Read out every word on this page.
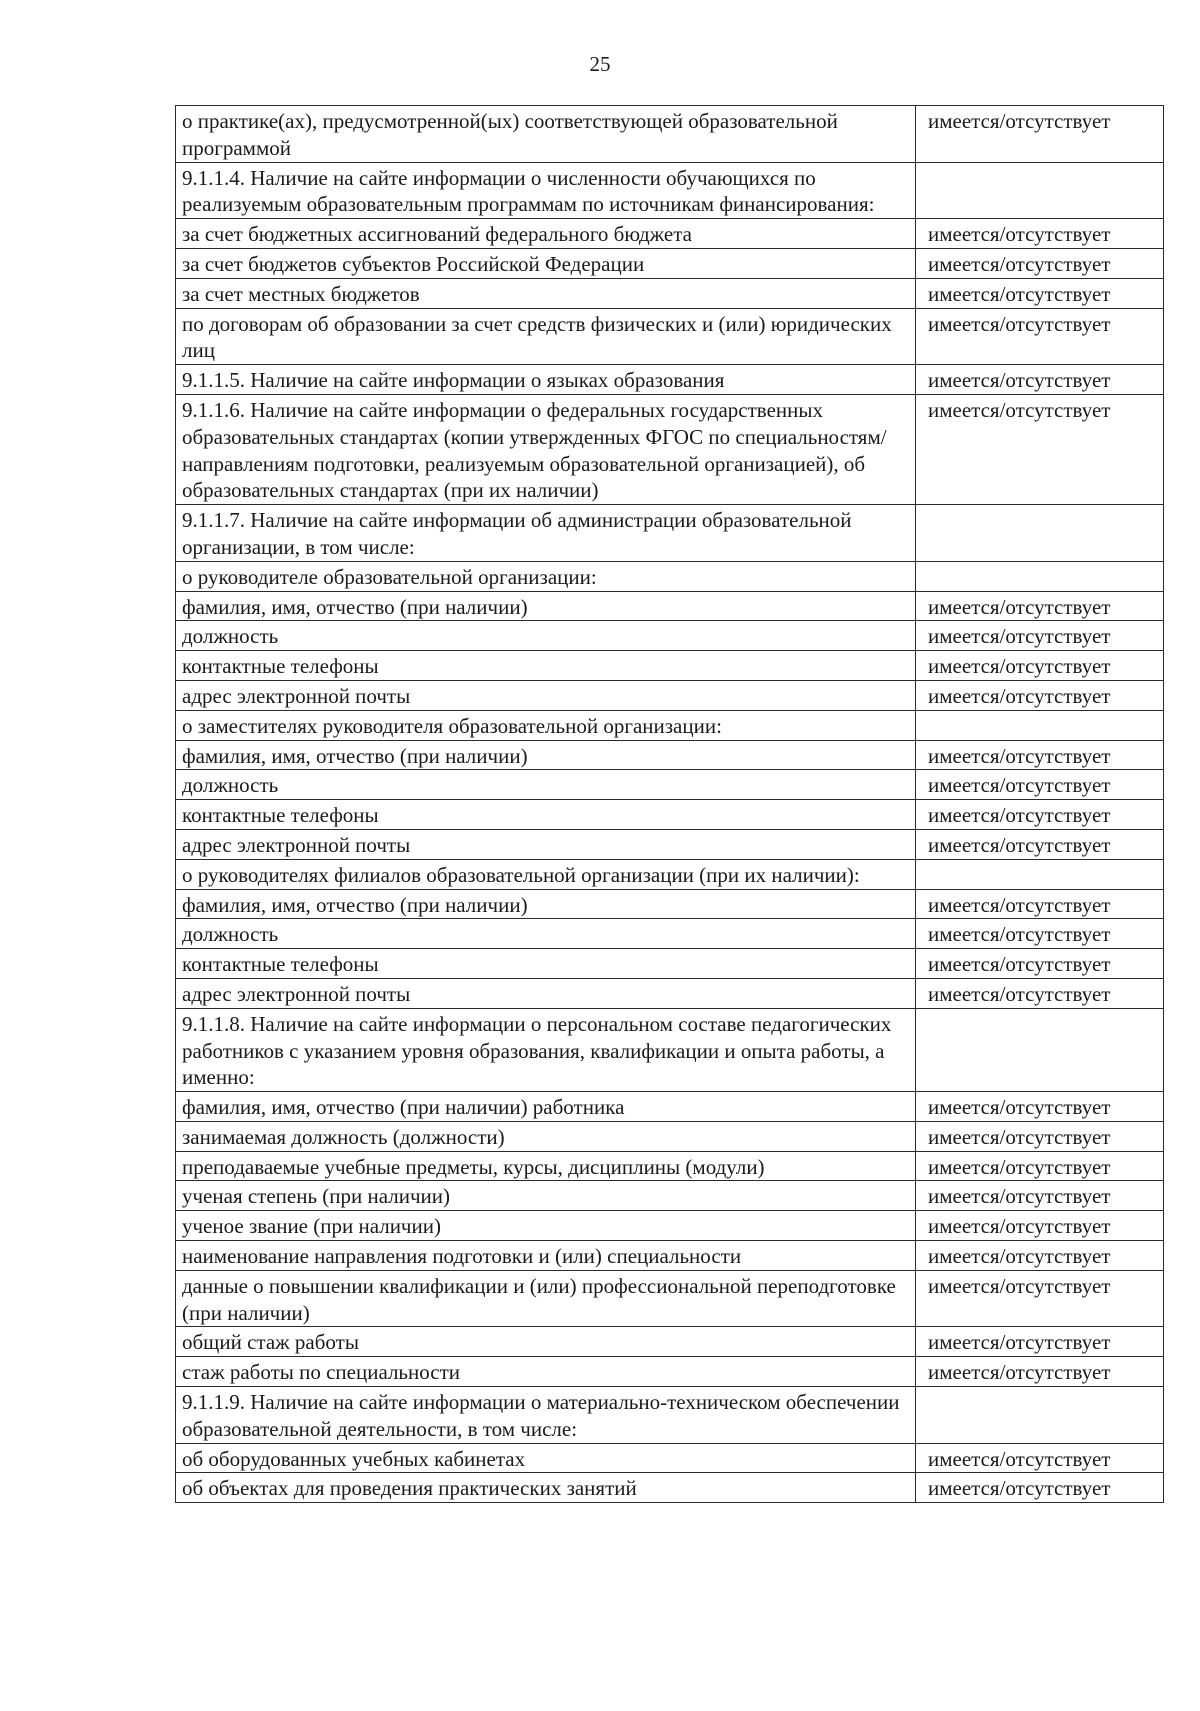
25
о практике(ах), предусмотренной(ых) соответствующей образовательной программой	имеется/отсутствует
9.1.1.4. Наличие на сайте информации о численности обучающихся по реализуемым образовательным программам по источникам финансирования:	
за счет бюджетных ассигнований федерального бюджета	имеется/отсутствует
за счет бюджетов субъектов Российской Федерации	имеется/отсутствует
за счет местных бюджетов	имеется/отсутствует
по договорам об образовании за счет средств физических и (или) юридических лиц	имеется/отсутствует
9.1.1.5. Наличие на сайте информации о языках образования	имеется/отсутствует
9.1.1.6. Наличие на сайте информации о федеральных государственных образовательных стандартах (копии утвержденных ФГОС по специальностям/направлениям подготовки, реализуемым образовательной организацией), об образовательных стандартах (при их наличии)	имеется/отсутствует
9.1.1.7. Наличие на сайте информации об администрации образовательной организации, в том числе:	
о руководителе образовательной организации:	
фамилия, имя, отчество (при наличии)	имеется/отсутствует
должность	имеется/отсутствует
контактные телефоны	имеется/отсутствует
адрес электронной почты	имеется/отсутствует
о заместителях руководителя образовательной организации:	
фамилия, имя, отчество (при наличии)	имеется/отсутствует
должность	имеется/отсутствует
контактные телефоны	имеется/отсутствует
адрес электронной почты	имеется/отсутствует
о руководителях филиалов образовательной организации (при их наличии):	
фамилия, имя, отчество (при наличии)	имеется/отсутствует
должность	имеется/отсутствует
контактные телефоны	имеется/отсутствует
адрес электронной почты	имеется/отсутствует
9.1.1.8. Наличие на сайте информации о персональном составе педагогических работников с указанием уровня образования, квалификации и опыта работы, а именно:	
фамилия, имя, отчество (при наличии) работника	имеется/отсутствует
занимаемая должность (должности)	имеется/отсутствует
преподаваемые учебные предметы, курсы, дисциплины (модули)	имеется/отсутствует
ученая степень (при наличии)	имеется/отсутствует
ученое звание (при наличии)	имеется/отсутствует
наименование направления подготовки и (или) специальности	имеется/отсутствует
данные о повышении квалификации и (или) профессиональной переподготовке (при наличии)	имеется/отсутствует
общий стаж работы	имеется/отсутствует
стаж работы по специальности	имеется/отсутствует
9.1.1.9. Наличие на сайте информации о материально-техническом обеспечении образовательной деятельности, в том числе:	
об оборудованных учебных кабинетах	имеется/отсутствует
об объектах для проведения практических занятий	имеется/отсутствует
